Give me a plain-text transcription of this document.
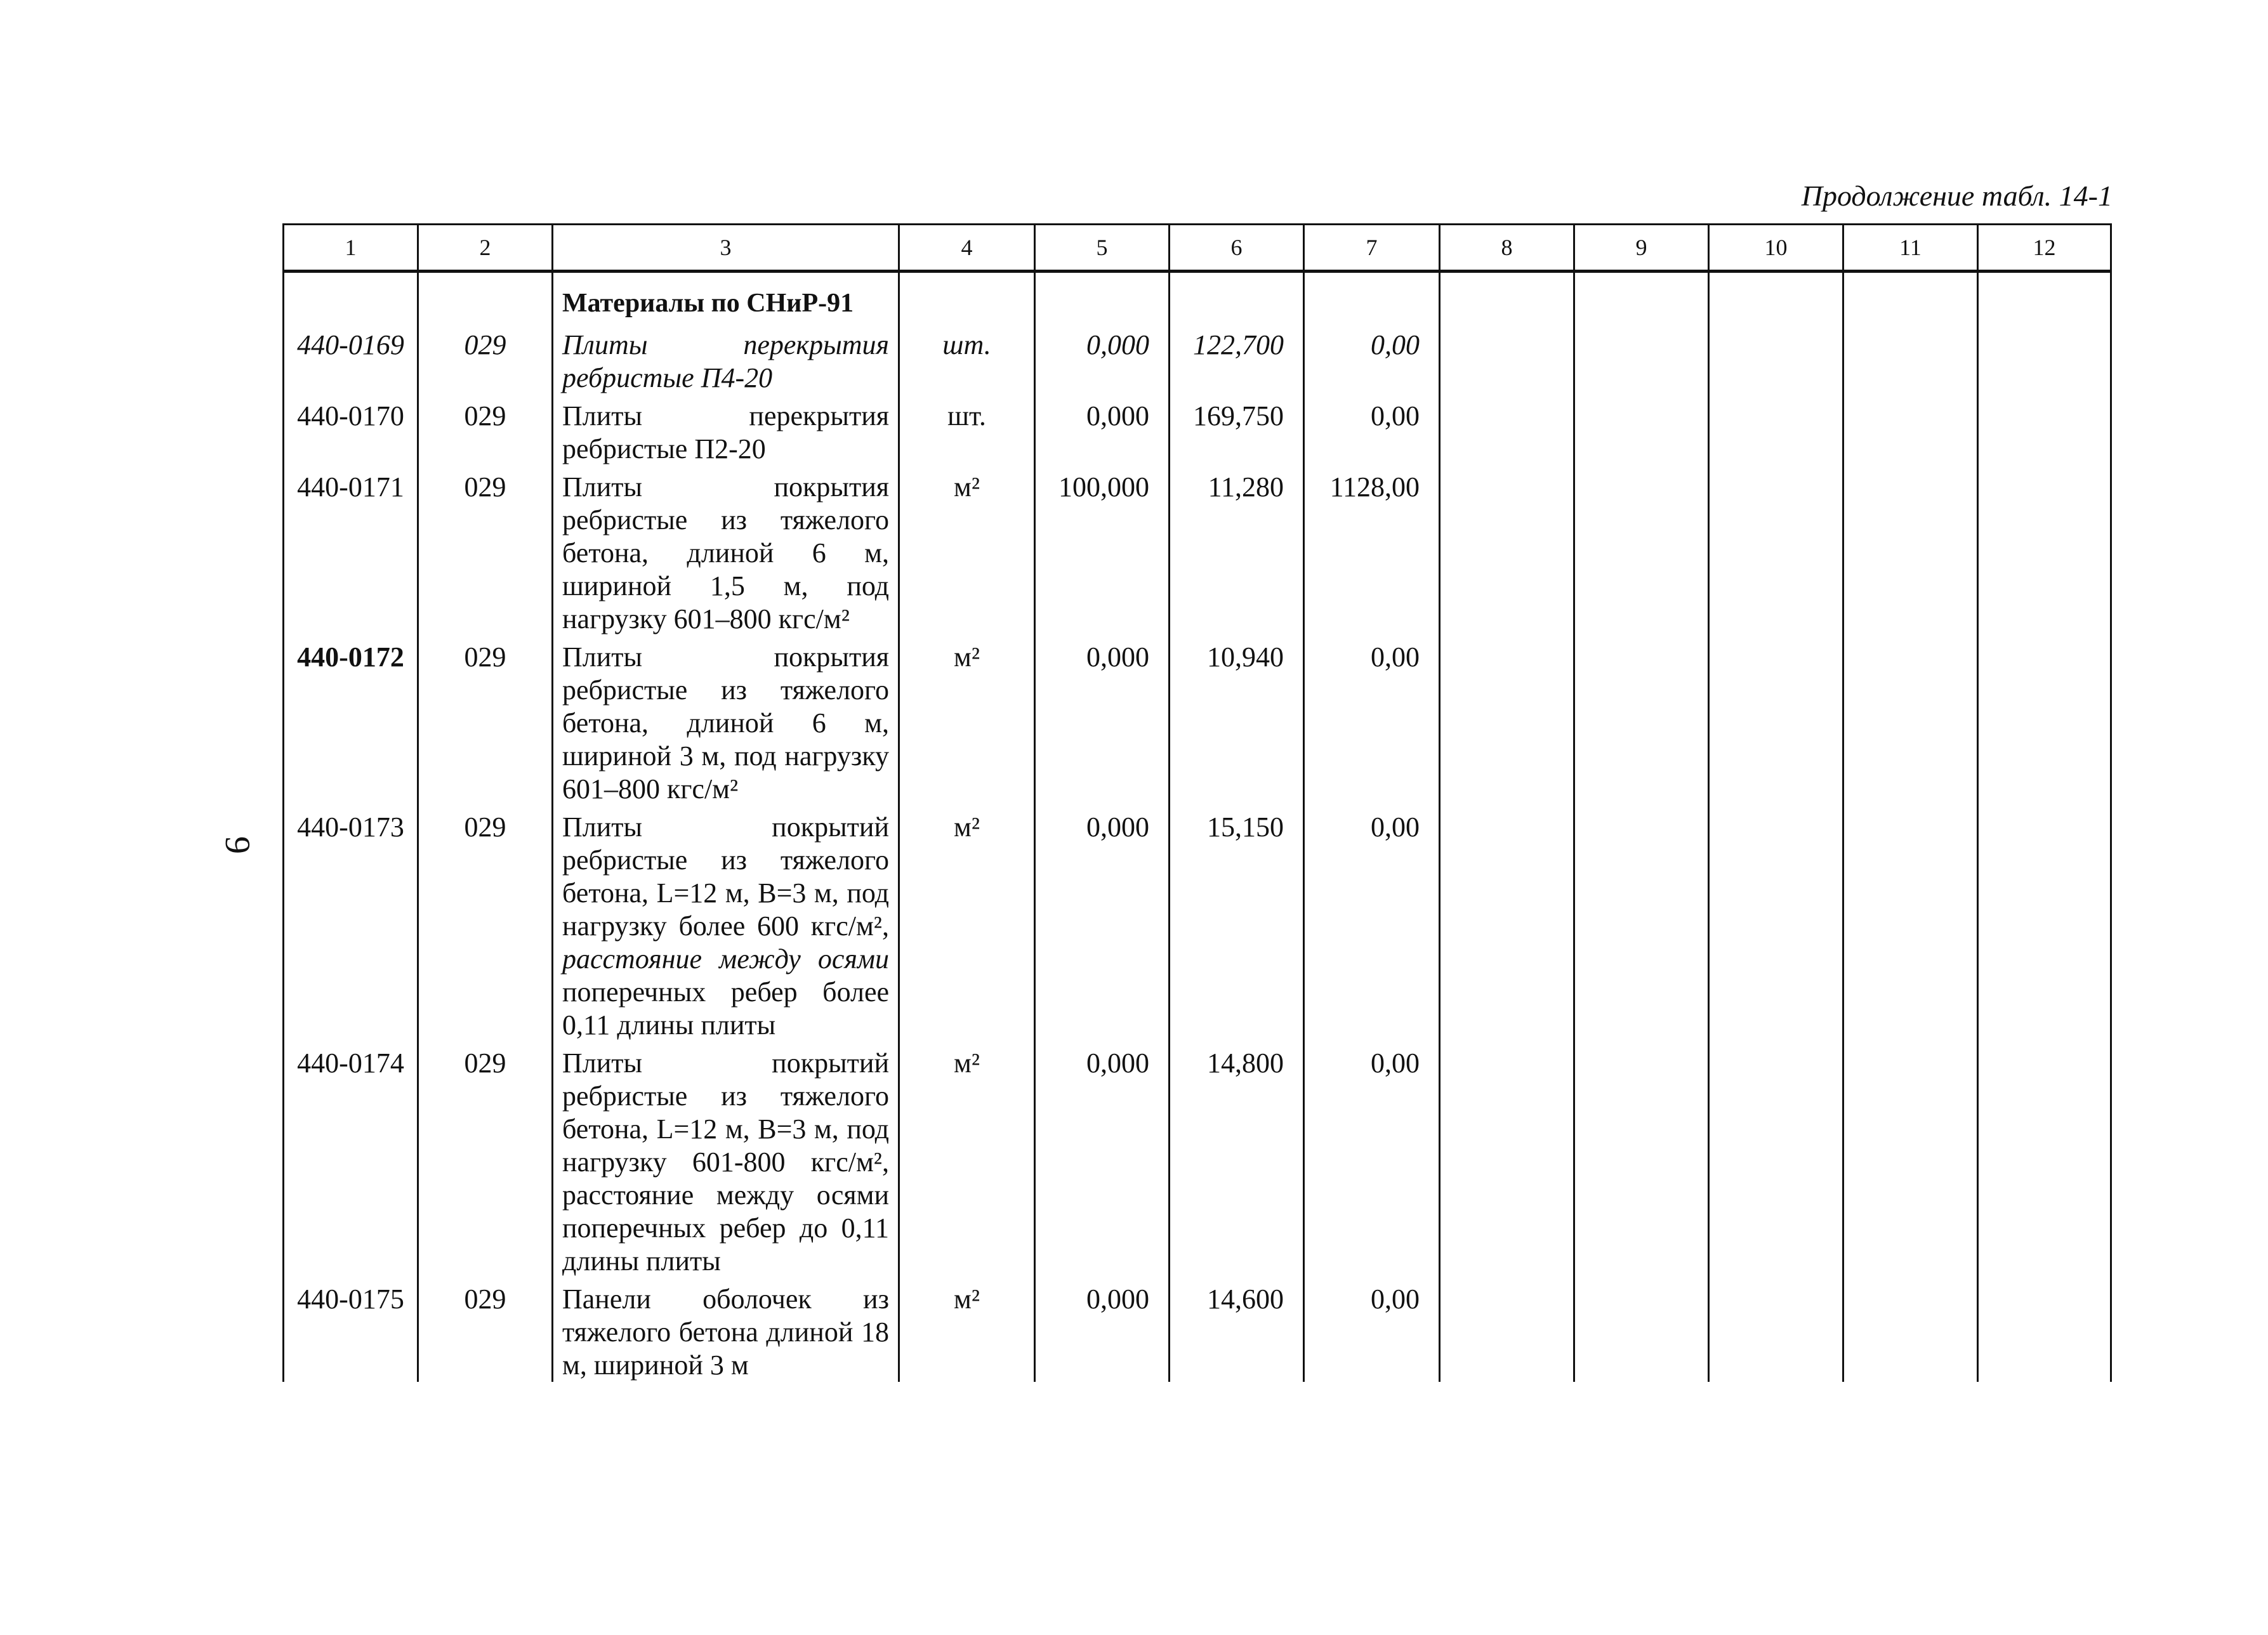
Продолжение табл. 14-1
9
1	2	3	4	5	6	7	8	9	10	11	12
		Материалы по СНиР-91									
440-0169	029	Плиты перекрытия ребристые П4-20	шт.	0,000	122,700	0,00					
440-0170	029	Плиты перекрытия ребристые П2-20	шт.	0,000	169,750	0,00					
440-0171	029	Плиты покрытия ребристые из тяжелого бетона, длиной 6 м, шириной 1,5 м, под нагрузку 601–800 кгс/м²	м²	100,000	11,280	1128,00					
440-0172	029	Плиты покрытия ребристые из тяжелого бетона, длиной 6 м, шириной 3 м, под нагрузку 601–800 кгс/м²	м²	0,000	10,940	0,00					
440-0173	029	Плиты покрытий ребристые из тяжелого бетона, L=12 м, B=3 м, под нагрузку более 600 кгс/м², расстояние между осями поперечных ребер более 0,11 длины плиты	м²	0,000	15,150	0,00					
440-0174	029	Плиты покрытий ребристые из тяжелого бетона, L=12 м, B=3 м, под нагрузку 601-800 кгс/м², расстояние между осями поперечных ребер до 0,11 длины плиты	м²	0,000	14,800	0,00					
440-0175	029	Панели оболочек из тяжелого бетона длиной 18 м, шириной 3 м	м²	0,000	14,600	0,00					
